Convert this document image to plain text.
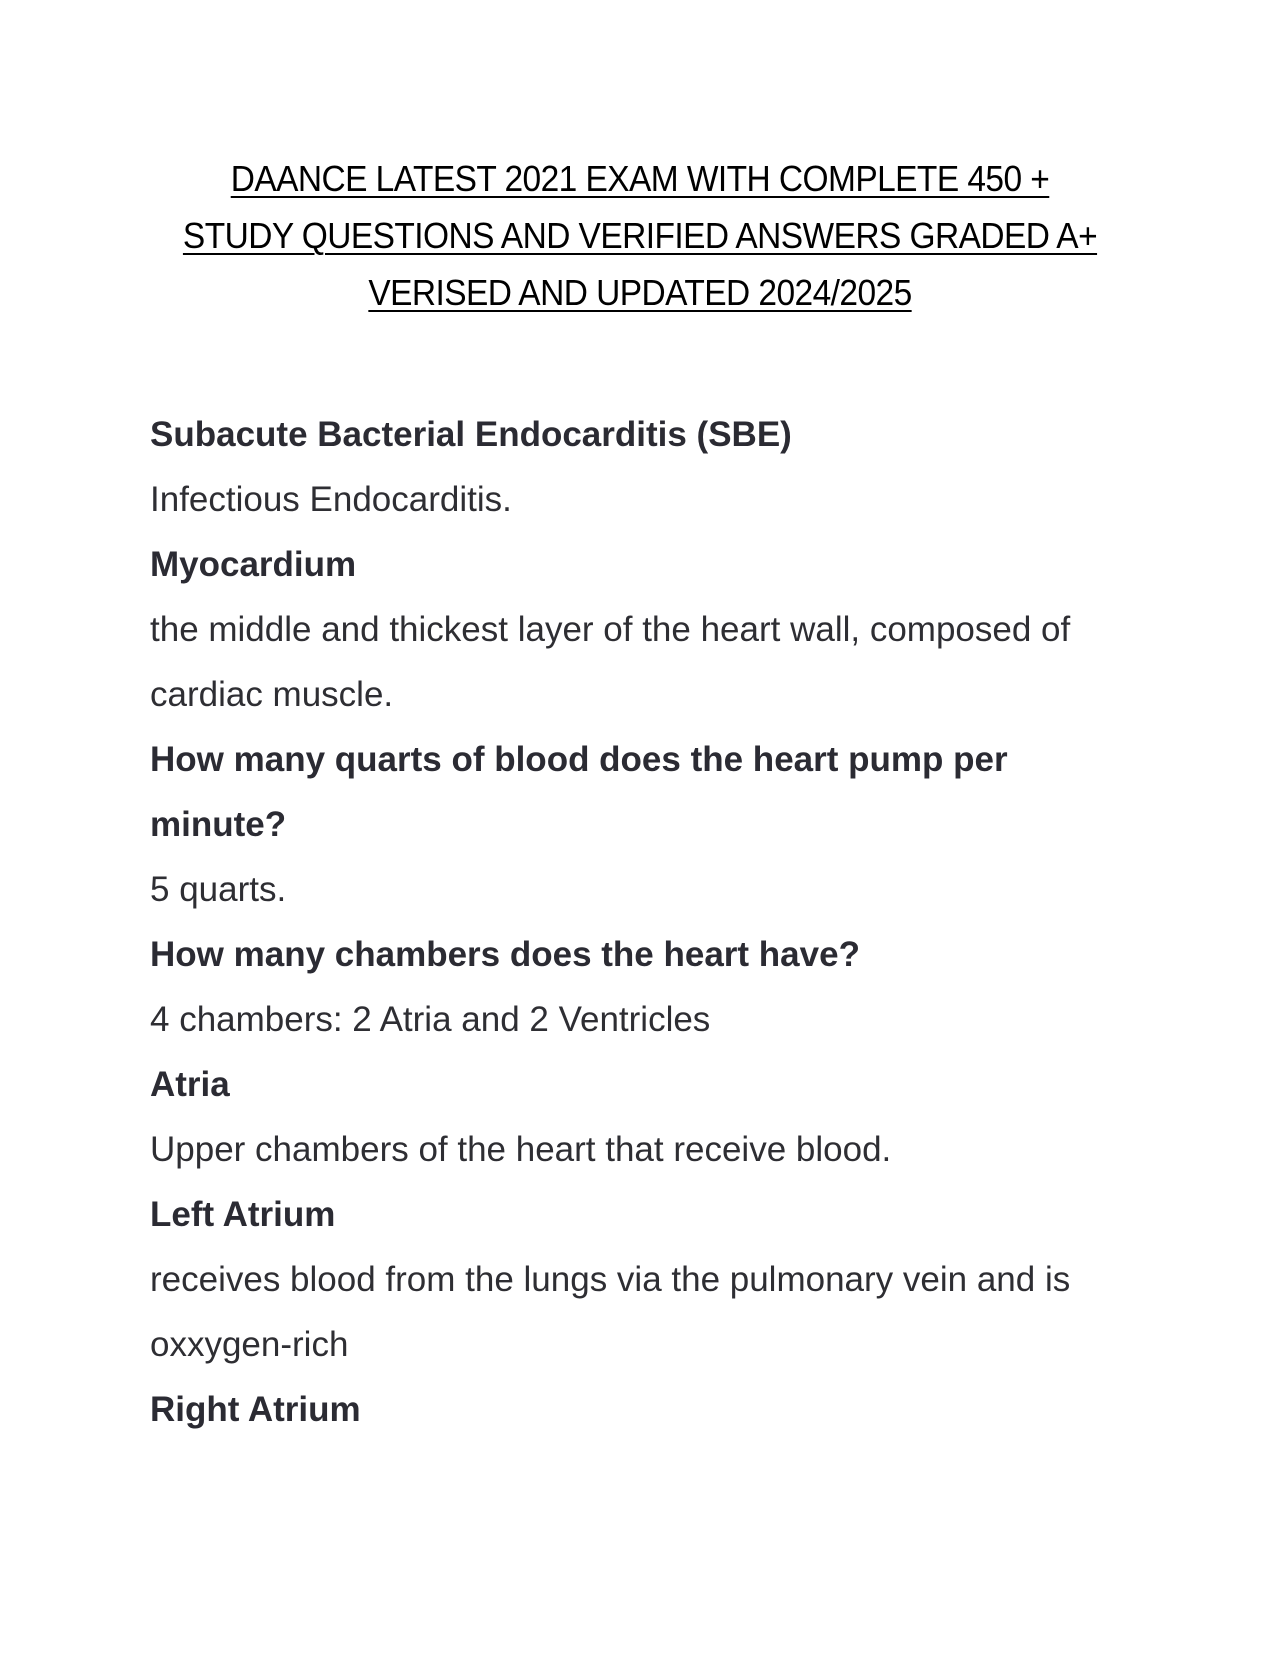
DAANCE LATEST 2021 EXAM WITH COMPLETE 450 +
STUDY QUESTIONS AND VERIFIED ANSWERS GRADED A+
VERISED AND UPDATED 2024/2025

Subacute Bacterial Endocarditis (SBE)

Infectious Endocarditis.

Myocardium

the middle and thickest layer of the heart wall, composed of cardiac muscle.

How many quarts of blood does the heart pump per minute?

5 quarts.

How many chambers does the heart have?

4 chambers: 2 Atria and 2 Ventricles

Atria

Upper chambers of the heart that receive blood.

Left Atrium

receives blood from the lungs via the pulmonary vein and is oxxygen-rich

Right Atrium
